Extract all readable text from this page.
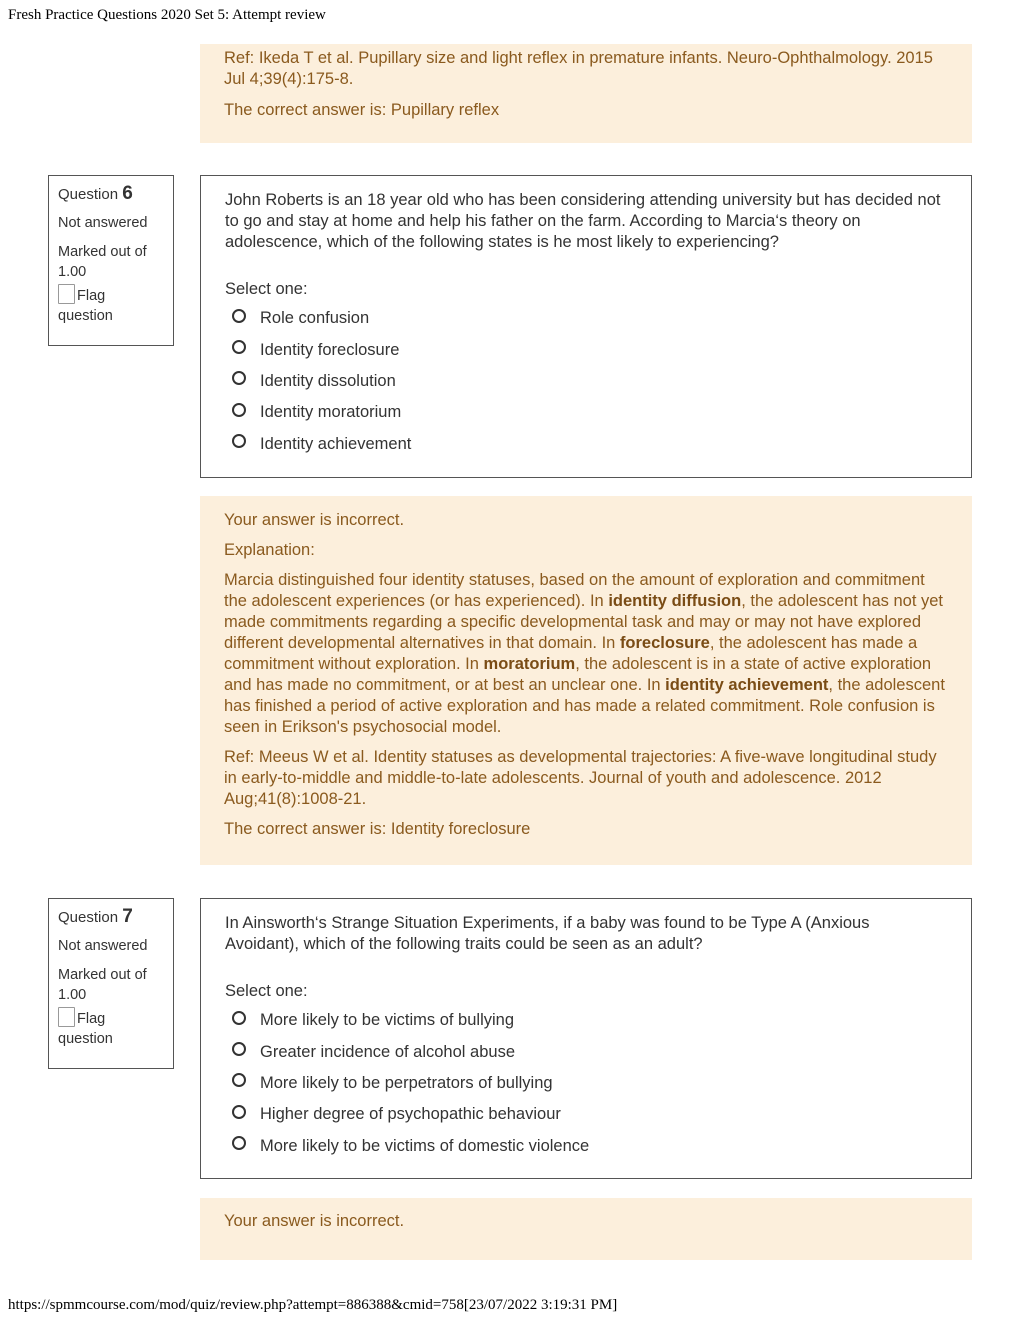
Fresh Practice Questions 2020 Set 5: Attempt review

Ref: Ikeda T et al. Pupillary size and light reflex in premature infants. Neuro-Ophthalmology. 2015 Jul 4;39(4):175-8.

The correct answer is: Pupillary reflex

Question 6
Not answered
Marked out of 1.00
Flag question

John Roberts is an 18 year old who has been considering attending university but has decided not to go and stay at home and help his father on the farm. According to Marcia‘s theory on adolescence, which of the following states is he most likely to experiencing?

Select one:

Role confusion
Identity foreclosure
Identity dissolution
Identity moratorium
Identity achievement

Your answer is incorrect.

Explanation:

Marcia distinguished four identity statuses, based on the amount of exploration and commitment the adolescent experiences (or has experienced). In identity diffusion, the adolescent has not yet made commitments regarding a specific developmental task and may or may not have explored different developmental alternatives in that domain. In foreclosure, the adolescent has made a commitment without exploration. In moratorium, the adolescent is in a state of active exploration and has made no commitment, or at best an unclear one. In identity achievement, the adolescent has finished a period of active exploration and has made a related commitment. Role confusion is seen in Erikson's psychosocial model.

Ref: Meeus W et al. Identity statuses as developmental trajectories: A five-wave longitudinal study in early-to-middle and middle-to-late adolescents. Journal of youth and adolescence. 2012 Aug;41(8):1008-21.

The correct answer is: Identity foreclosure

Question 7
Not answered
Marked out of 1.00
Flag question

In Ainsworth‘s Strange Situation Experiments, if a baby was found to be Type A (Anxious Avoidant), which of the following traits could be seen as an adult?

Select one:

More likely to be victims of bullying
Greater incidence of alcohol abuse
More likely to be perpetrators of bullying
Higher degree of psychopathic behaviour
More likely to be victims of domestic violence

Your answer is incorrect.

https://spmmcourse.com/mod/quiz/review.php?attempt=886388&cmid=758[23/07/2022 3:19:31 PM]
